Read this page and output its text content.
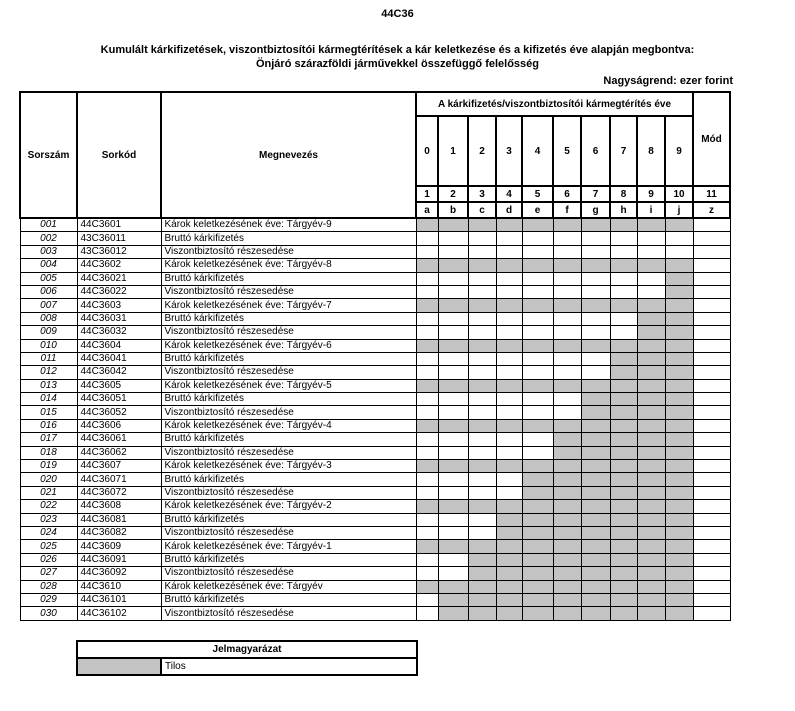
44C36
Kumulált kárkifizetések, viszontbiztosítói kármegtérítések a kár keletkezése és a kifizetés éve alapján megbontva:
Önjáró szárazföldi járművekkel összefüggő felelősség
Nagyságrend: ezer forint
Sorszám	Sorkód	Megnevezés	A kárkifizetés/viszontbiztosítói kármegtérítés éve										Mód
			0	1	2	3	4	5	6	7	8	9	
			1	2	3	4	5	6	7	8	9	10	11
			a	b	c	d	e	f	g	h	i	j	z
001	44C3601	Károk keletkezésének éve: Tárgyév-9											
002	43C36011	Bruttó kárkifizetés											
003	43C36012	Viszontbiztosító részesedése											
004	44C3602	Károk keletkezésének éve: Tárgyév-8											
005	44C36021	Bruttó kárkifizetés											
006	44C36022	Viszontbiztosító részesedése											
007	44C3603	Károk keletkezésének éve: Tárgyév-7											
008	44C36031	Bruttó kárkifizetés											
009	44C36032	Viszontbiztosító részesedése											
010	44C3604	Károk keletkezésének éve: Tárgyév-6											
011	44C36041	Bruttó kárkifizetés											
012	44C36042	Viszontbiztosító részesedése											
013	44C3605	Károk keletkezésének éve: Tárgyév-5											
014	44C36051	Bruttó kárkifizetés											
015	44C36052	Viszontbiztosító részesedése											
016	44C3606	Károk keletkezésének éve: Tárgyév-4											
017	44C36061	Bruttó kárkifizetés											
018	44C36062	Viszontbiztosító részesedése											
019	44C3607	Károk keletkezésének éve: Tárgyév-3											
020	44C36071	Bruttó kárkifizetés											
021	44C36072	Viszontbiztosító részesedése											
022	44C3608	Károk keletkezésének éve: Tárgyév-2											
023	44C36081	Bruttó kárkifizetés											
024	44C36082	Viszontbiztosító részesedése											
025	44C3609	Károk keletkezésének éve: Tárgyév-1											
026	44C36091	Bruttó kárkifizetés											
027	44C36092	Viszontbiztosító részesedése											
028	44C3610	Károk keletkezésének éve: Tárgyév											
029	44C36101	Bruttó kárkifizetés											
030	44C36102	Viszontbiztosító részesedése											
Jelmagyarázat
	Tilos
